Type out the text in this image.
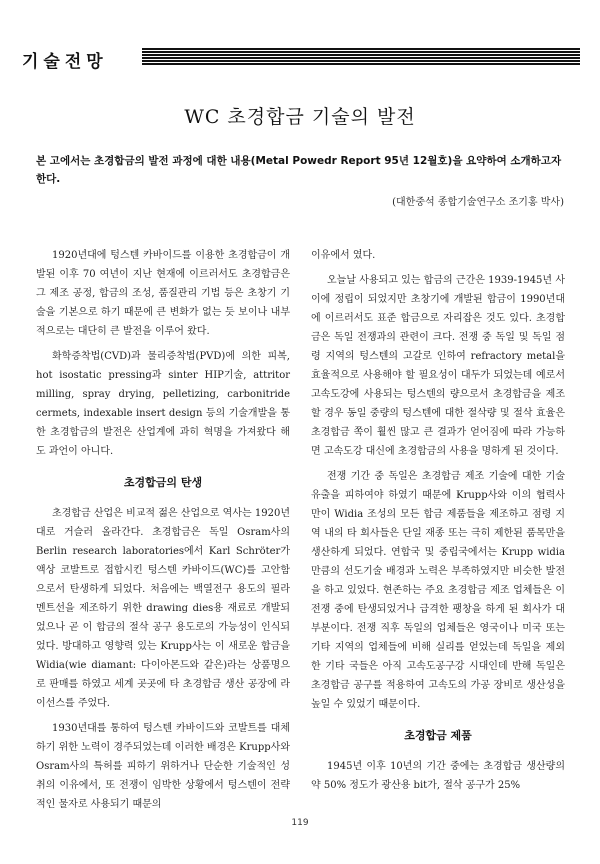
기술전망
WC 초경합금 기술의 발전
본 고에서는 초경합금의 발전 과정에 대한 내용(Metal Powedr Report 95년 12월호)을 요약하여 소개하고자 한다.
(대한중석 종합기술연구소 조기홍 박사)

1920년대에 텅스텐 카바이드를 이용한 초경합금이 개발된 이후 70 여년이 지난 현재에 이르러서도 초경합금은 그 제조 공정, 합금의 조성, 품질관리 기법 등은 초창기 기술을 기본으로 하기 때문에 큰 변화가 없는 듯 보이나 내부적으로는 대단히 큰 발전을 이루어 왔다.

화학증착법(CVD)과 물리증착법(PVD)에 의한 피복, hot isostatic pressing과 sinter HIP기술, attritor milling, spray drying, pelletizing, carbonitride cermets, indexable insert design 등의 기술개발을 통한 초경합금의 발전은 산업계에 과히 혁명을 가져왔다 해도 과언이 아니다.

초경합금의 탄생

초경합금 산업은 비교적 젊은 산업으로 역사는 1920년대로 거슬러 올라간다. 초경합금은 독일 Osram사의 Berlin research laboratories에서 Karl Schröter가 액상 코발트로 접합시킨 텅스텐 카바이드(WC)를 고안함으로서 탄생하게 되었다. 처음에는 백열전구 용도의 필라멘트선을 제조하기 위한 drawing dies용 재료로 개발되었으나 곧 이 합금의 절삭 공구 용도로의 가능성이 인식되었다. 방대하고 영향력 있는 Krupp사는 이 새로운 합금을 Widia(wie diamant: 다이아몬드와 같은)라는 상품명으로 판매를 하였고 세계 곳곳에 타 초경합금 생산 공장에 라이선스를 주었다.

1930년대를 통하여 텅스텐 카바이드와 코발트를 대체하기 위한 노력이 경주되었는데 이러한 배경은 Krupp사와 Osram사의 특허를 피하기 위하거나 단순한 기술적인 성취의 이유에서, 또 전쟁이 임박한 상황에서 텅스텐이 전략적인 물자로 사용되기 때문의

이유에서 였다.

오늘날 사용되고 있는 합금의 근간은 1939-1945년 사이에 정립이 되었지만 초창기에 개발된 합금이 1990년대에 이르러서도 표준 합금으로 자리잡은 것도 있다. 초경합금은 독일 전쟁과의 관련이 크다. 전쟁 중 독일 및 독일 점령 지역의 텅스텐의 고갈로 인하여 refractory metal을 효율적으로 사용해야 할 필요성이 대두가 되었는데 예로서 고속도강에 사용되는 텅스텐의 량으로서 초경합금을 제조할 경우 동일 중량의 텅스텐에 대한 절삭량 및 절삭 효율은 초경합금 쪽이 훨씬 많고 큰 결과가 얻어짐에 따라 가능하면 고속도강 대신에 초경합금의 사용을 명하게 된 것이다.

전쟁 기간 중 독일은 초경합금 제조 기술에 대한 기술 유출을 피하여야 하였기 때문에 Krupp사와 이의 협력사 만이 Widia 조성의 모든 합금 제품들을 제조하고 점령 지역 내의 타 회사들은 단일 재종 또는 극히 제한된 품목만을 생산하게 되었다. 연합국 및 중립국에서는 Krupp widia 만큼의 선도기술 배경과 노력은 부족하였지만 비슷한 발전을 하고 있었다. 현존하는 주요 초경합금 제조 업체들은 이 전쟁 중에 탄생되었거나 급격한 팽창을 하게 된 회사가 대부분이다. 전쟁 직후 독일의 업체들은 영국이나 미국 또는 기타 지역의 업체들에 비해 실리를 얻었는데 독일을 제외한 기타 국들은 아직 고속도공구강 시대인데 반해 독일은 초경합금 공구를 적용하여 고속도의 가공 장비로 생산성을 높일 수 있었기 때문이다.

초경합금 제품

1945년 이후 10년의 기간 중에는 초경합금 생산량의 약 50% 정도가 광산용 bit가, 절삭 공구가 25%

119
